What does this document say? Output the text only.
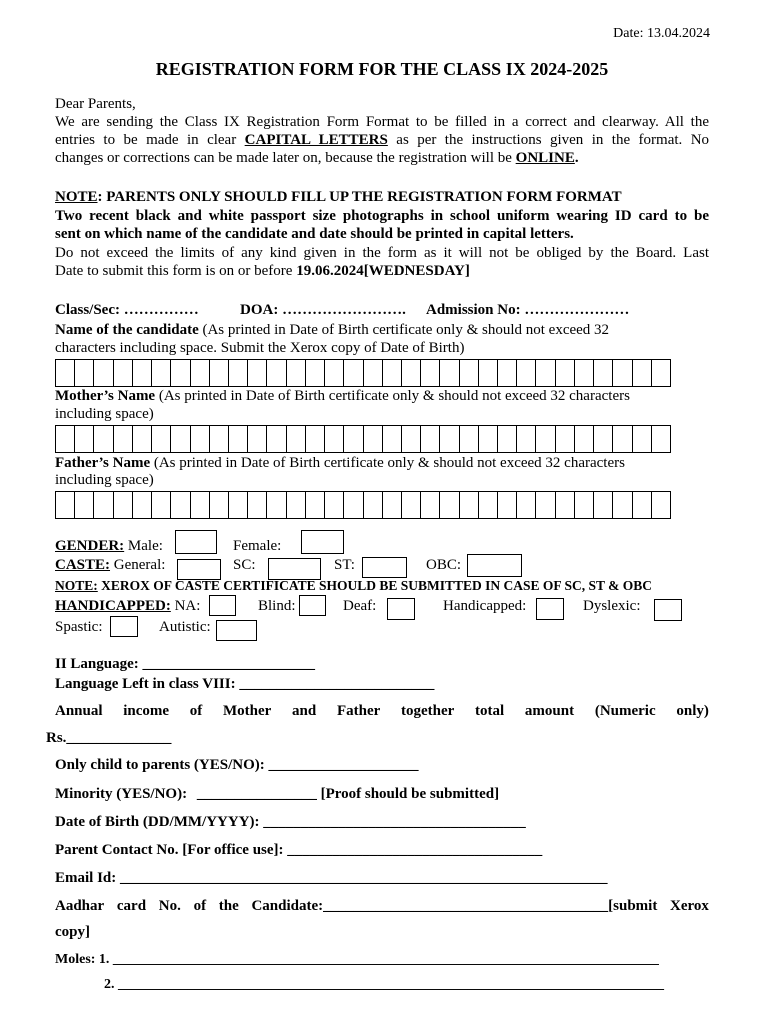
Date: 13.04.2024
REGISTRATION FORM FOR THE CLASS IX 2024-2025
Dear Parents,
We are sending the Class IX Registration Form Format to be filled in a correct and clearway. All the
entries to be made in clear CAPITAL LETTERS as per the instructions given in the format. No
changes or corrections can be made later on, because the registration will be ONLINE.
NOTE: PARENTS ONLY SHOULD FILL UP THE REGISTRATION FORM FORMAT
Two recent black and white passport size photographs in school uniform wearing ID card to be
sent on which name of the candidate and date should be printed in capital letters.
Do not exceed the limits of any kind given in the form as it will not be obliged by the Board. Last
Date to submit this form is on or before 19.06.2024[WEDNESDAY]
Class/Sec: ……………	DOA: ……………………. Admission No: …………………
Name of the candidate (As printed in Date of Birth certificate only & should not exceed 32
characters including space. Submit the Xerox copy of Date of Birth)
Mother’s Name (As printed in Date of Birth certificate only & should not exceed 32 characters
including space)
Father’s Name (As printed in Date of Birth certificate only & should not exceed 32 characters
including space)
GENDER: Male:	Female:
CASTE: General:	SC:	ST:	OBC:
NOTE: XEROX OF CASTE CERTIFICATE SHOULD BE SUBMITTED IN CASE OF SC, ST & OBC
HANDICAPPED: NA:	Blind:	Deaf:	Handicapped:	Dyslexic:
Spastic:	Autistic:
II Language: _______________________
Language Left in class VIII: __________________________
Annual income of Mother and Father together total amount (Numeric only)
Rs.______________
Only child to parents (YES/NO): ____________________
Minority (YES/NO): ________________ [Proof should be submitted]
Date of Birth (DD/MM/YYYY): ___________________________________
Parent Contact No. [For office use]: __________________________________
Email Id: _________________________________________________________________
Aadhar card No. of the Candidate:______________________________________[submit Xerox
copy]
Moles: 1. ______________________________________________________________________________
2. ______________________________________________________________________________
